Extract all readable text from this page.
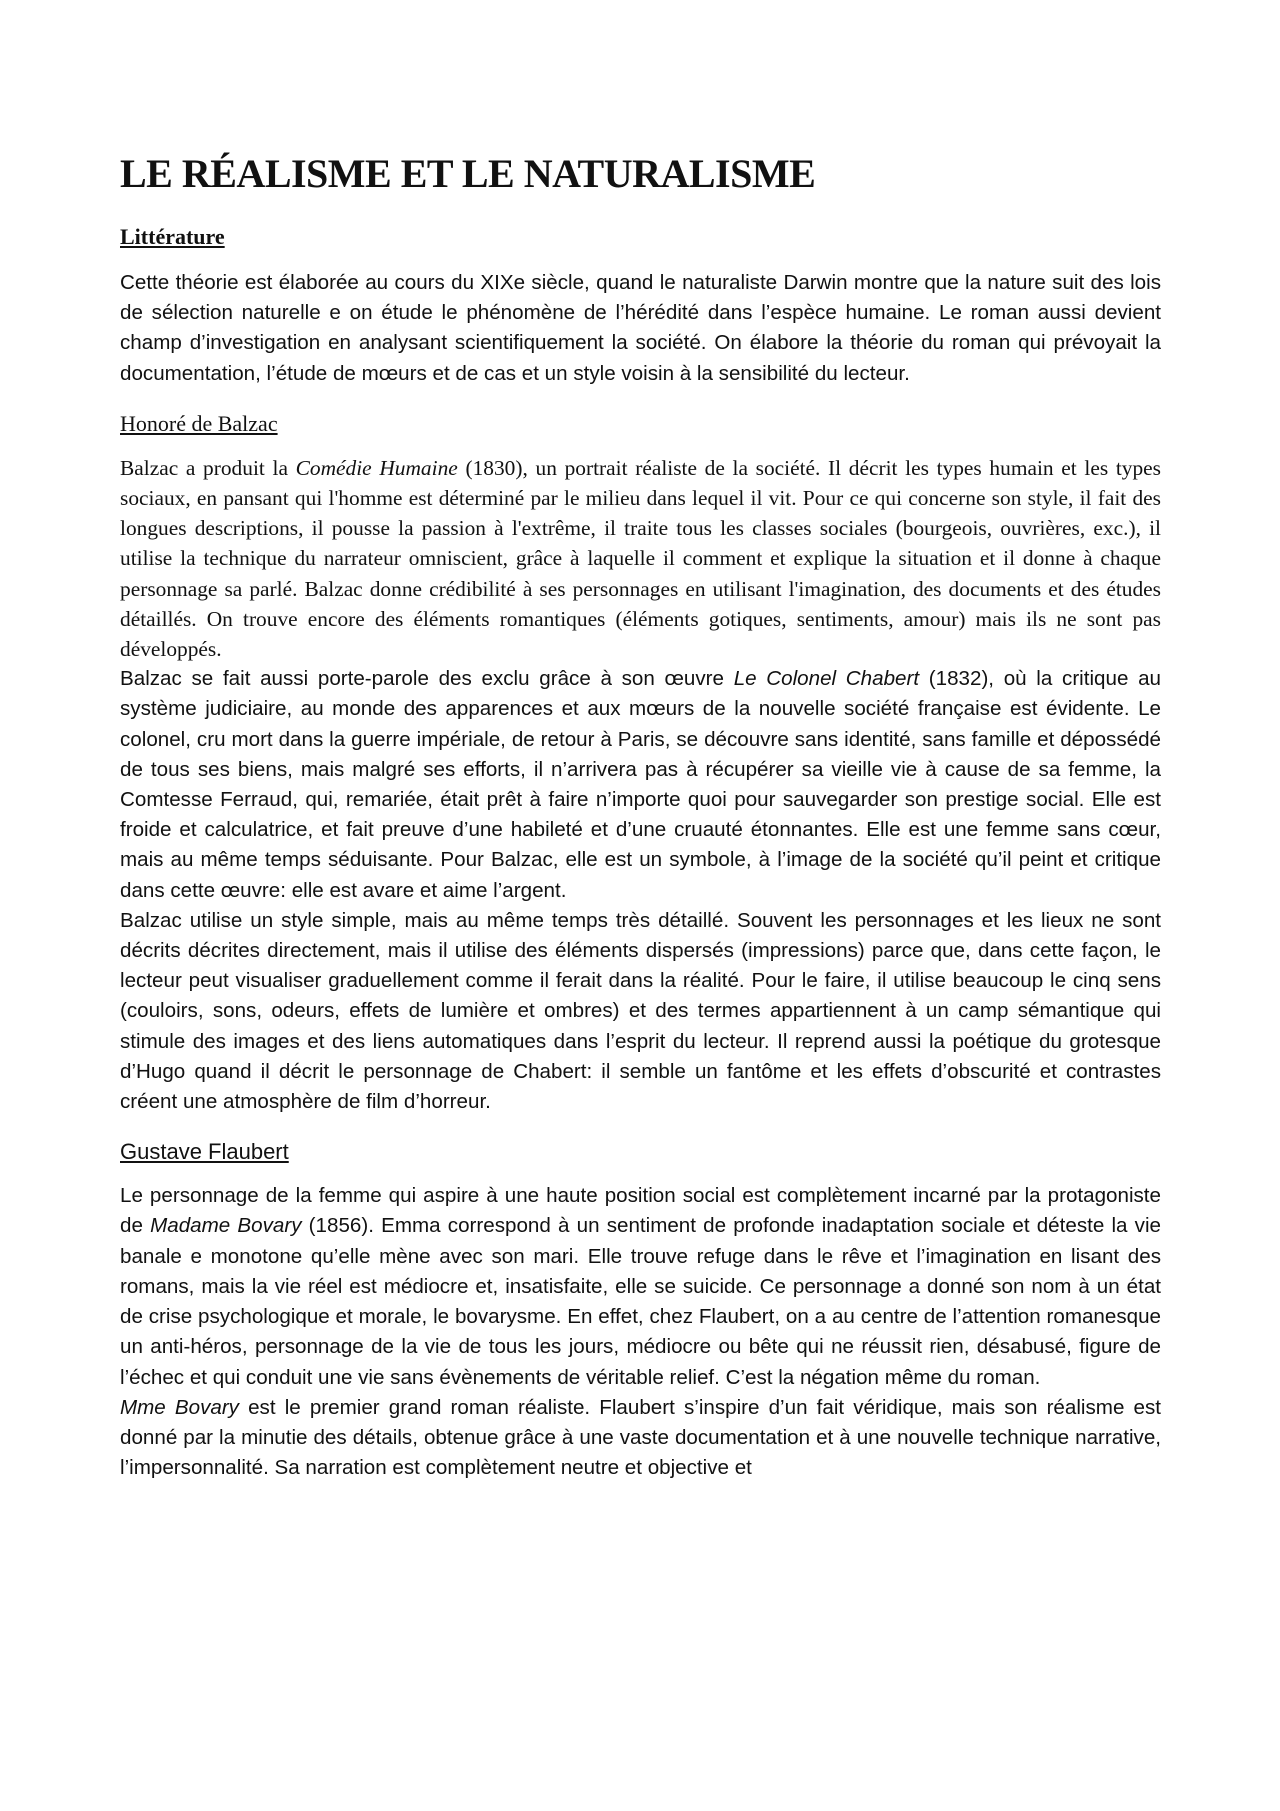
LE RÉALISME ET LE NATURALISME
Littérature

Cette théorie est élaborée au cours du XIXe siècle, quand le naturaliste Darwin montre que la nature suit des lois de sélection naturelle e on étude le phénomène de l’hérédité dans l’espèce humaine. Le roman aussi devient champ d’investigation en analysant scientifiquement la société. On élabore la théorie du roman qui prévoyait la documentation, l’étude de mœurs et de cas et un style voisin à la sensibilité du lecteur.

Honoré de Balzac

Balzac a produit la Comédie Humaine (1830), un portrait réaliste de la société. Il décrit les types humain et les types sociaux, en pansant qui l'homme est déterminé par le milieu dans lequel il vit. Pour ce qui concerne son style, il fait des longues descriptions, il pousse la passion à l'extrême, il traite tous les classes sociales (bourgeois, ouvrières, exc.), il utilise la technique du narrateur omniscient, grâce à laquelle il comment et explique la situation et il donne à chaque personnage sa parlé. Balzac donne crédibilité à ses personnages en utilisant l'imagination, des documents et des études détaillés. On trouve encore des éléments romantiques (éléments gotiques, sentiments, amour) mais ils ne sont pas développés.

Balzac se fait aussi porte-parole des exclu grâce à son œuvre Le Colonel Chabert (1832), où la critique au système judiciaire, au monde des apparences et aux mœurs de la nouvelle société française est évidente. Le colonel, cru mort dans la guerre impériale, de retour à Paris, se découvre sans identité, sans famille et dépossédé de tous ses biens, mais malgré ses efforts, il n’arrivera pas à récupérer sa vieille vie à cause de sa femme, la Comtesse Ferraud, qui, remariée, était prêt à faire n’importe quoi pour sauvegarder son prestige social. Elle est froide et calculatrice, et fait preuve d’une habileté et d’une cruauté étonnantes. Elle est une femme sans cœur, mais au même temps séduisante. Pour Balzac, elle est un symbole, à l’image de la société qu’il peint et critique dans cette œuvre: elle est avare et aime l’argent.

Balzac utilise un style simple, mais au même temps très détaillé. Souvent les personnages et les lieux ne sont décrits décrites directement, mais il utilise des éléments dispersés (impressions) parce que, dans cette façon, le lecteur peut visualiser graduellement comme il ferait dans la réalité. Pour le faire, il utilise beaucoup le cinq sens (couloirs, sons, odeurs, effets de lumière et ombres) et des termes appartiennent à un camp sémantique qui stimule des images et des liens automatiques dans l’esprit du lecteur. Il reprend aussi la poétique du grotesque d’Hugo quand il décrit le personnage de Chabert: il semble un fantôme et les effets d’obscurité et contrastes créent une atmosphère de film d’horreur.

Gustave Flaubert

Le personnage de la femme qui aspire à une haute position social est complètement incarné par la protagoniste de Madame Bovary (1856). Emma correspond à un sentiment de profonde inadaptation sociale et déteste la vie banale e monotone qu’elle mène avec son mari. Elle trouve refuge dans le rêve et l’imagination en lisant des romans, mais la vie réel est médiocre et, insatisfaite, elle se suicide. Ce personnage a donné son nom à un état de crise psychologique et morale, le bovarysme. En effet, chez Flaubert, on a au centre de l’attention romanesque un anti-héros, personnage de la vie de tous les jours, médiocre ou bête qui ne réussit rien, désabusé, figure de l’échec et qui conduit une vie sans évènements de véritable relief. C’est la négation même du roman.

Mme Bovary est le premier grand roman réaliste. Flaubert s’inspire d’un fait véridique, mais son réalisme est donné par la minutie des détails, obtenue grâce à une vaste documentation et à une nouvelle technique narrative, l’impersonnalité. Sa narration est complètement neutre et objective et
